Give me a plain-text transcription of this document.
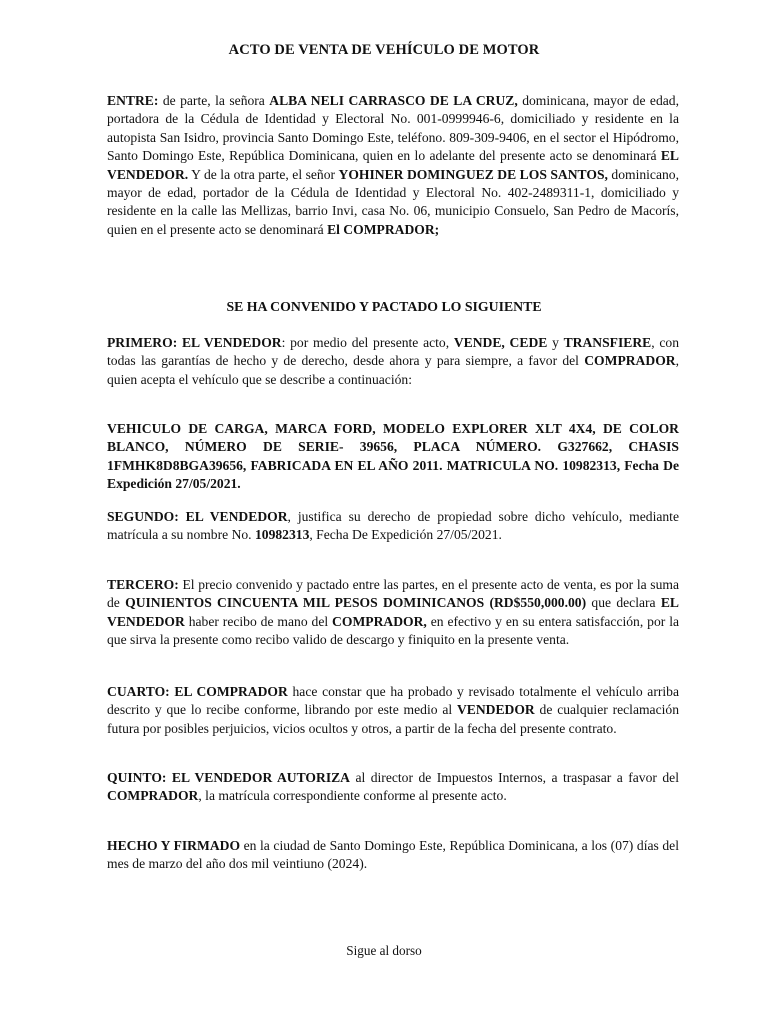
ACTO DE VENTA DE VEHÍCULO DE MOTOR

ENTRE: de parte, la señora ALBA NELI CARRASCO DE LA CRUZ, dominicana, mayor de edad, portadora de la Cédula de Identidad y Electoral No. 001-0999946-6, domiciliado y residente en la autopista San Isidro, provincia Santo Domingo Este, teléfono. 809-309-9406, en el sector el Hipódromo, Santo Domingo Este, República Dominicana, quien en lo adelante del presente acto se denominará EL VENDEDOR. Y de la otra parte, el señor YOHINER DOMINGUEZ DE LOS SANTOS, dominicano, mayor de edad, portador de la Cédula de Identidad y Electoral No. 402-2489311-1, domiciliado y residente en la calle las Mellizas, barrio Invi, casa No. 06, municipio Consuelo, San Pedro de Macorís, quien en el presente acto se denominará El COMPRADOR;

SE HA CONVENIDO Y PACTADO LO SIGUIENTE

PRIMERO: EL VENDEDOR: por medio del presente acto, VENDE, CEDE y TRANSFIERE, con todas las garantías de hecho y de derecho, desde ahora y para siempre, a favor del COMPRADOR, quien acepta el vehículo que se describe a continuación:

VEHICULO DE CARGA, MARCA FORD, MODELO EXPLORER XLT 4X4, DE COLOR BLANCO, NÚMERO DE SERIE- 39656, PLACA NÚMERO. G327662, CHASIS 1FMHK8D8BGA39656, FABRICADA EN EL AÑO 2011. MATRICULA NO. 10982313, Fecha De Expedición 27/05/2021.

SEGUNDO: EL VENDEDOR, justifica su derecho de propiedad sobre dicho vehículo, mediante matrícula a su nombre No. 10982313, Fecha De Expedición 27/05/2021.

TERCERO: El precio convenido y pactado entre las partes, en el presente acto de venta, es por la suma de QUINIENTOS CINCUENTA MIL PESOS DOMINICANOS (RD$550,000.00) que declara EL VENDEDOR haber recibo de mano del COMPRADOR, en efectivo y en su entera satisfacción, por la que sirva la presente como recibo valido de descargo y finiquito en la presente venta.

CUARTO: EL COMPRADOR hace constar que ha probado y revisado totalmente el vehículo arriba descrito y que lo recibe conforme, librando por este medio al VENDEDOR de cualquier reclamación futura por posibles perjuicios, vicios ocultos y otros, a partir de la fecha del presente contrato.

QUINTO: EL VENDEDOR AUTORIZA al director de Impuestos Internos, a traspasar a favor del COMPRADOR, la matrícula correspondiente conforme al presente acto.

HECHO Y FIRMADO en la ciudad de Santo Domingo Este, República Dominicana, a los (07) días del mes de marzo del año dos mil veintiuno (2024).

Sigue al dorso
